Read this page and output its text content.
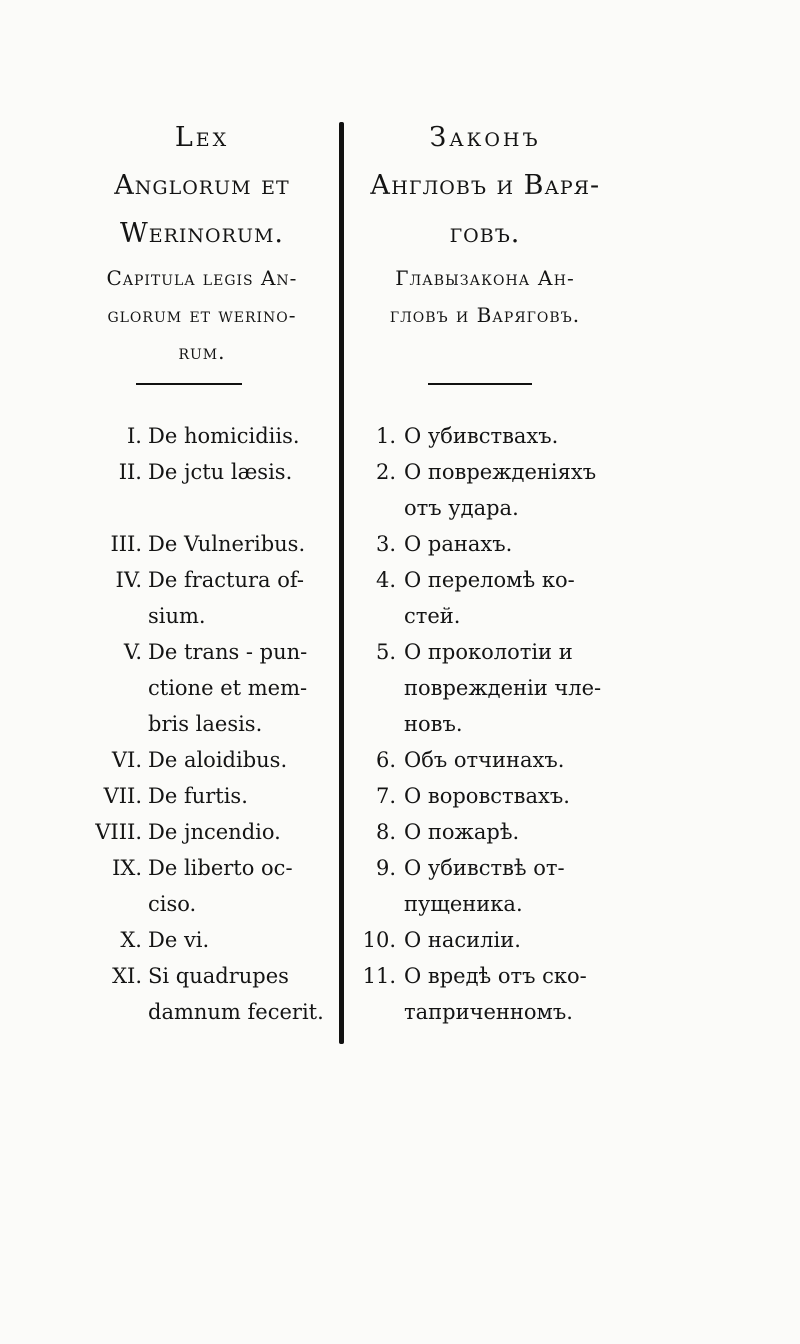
Lex
Anglorum et
Werinorum.
Capitula legis An-
glorum et werino-
rum.
I. De homicidiis.
II. De jctu læsis.
III. De Vulneribus.
IV. De fractura of-
sium.
V. De trans - pun-
ctione et mem-
bris laesis.
VI. De aloidibus.
VII. De furtis.
VIII. De jncendio.
IX. De liberto oc-
ciso.
X. De vi.
XI. Si quadrupes
damnum fecerit.
Законъ
Англовъ и Варя-
говъ.
Главызакона Ан-
гловъ и Варяговъ.
1. О убивствахъ.
2. О поврежденіяхъ
отъ удара.
3. О ранахъ.
4. О переломѣ ко-
стей.
5. О проколотіи и
поврежденіи чле-
новъ.
6. Объ отчинахъ.
7. О воровствахъ.
8. О пожарѣ.
9. О убивствѣ от-
пущеника.
10. О насиліи.
11. О вредѣ отъ ско-
таприченномъ.
